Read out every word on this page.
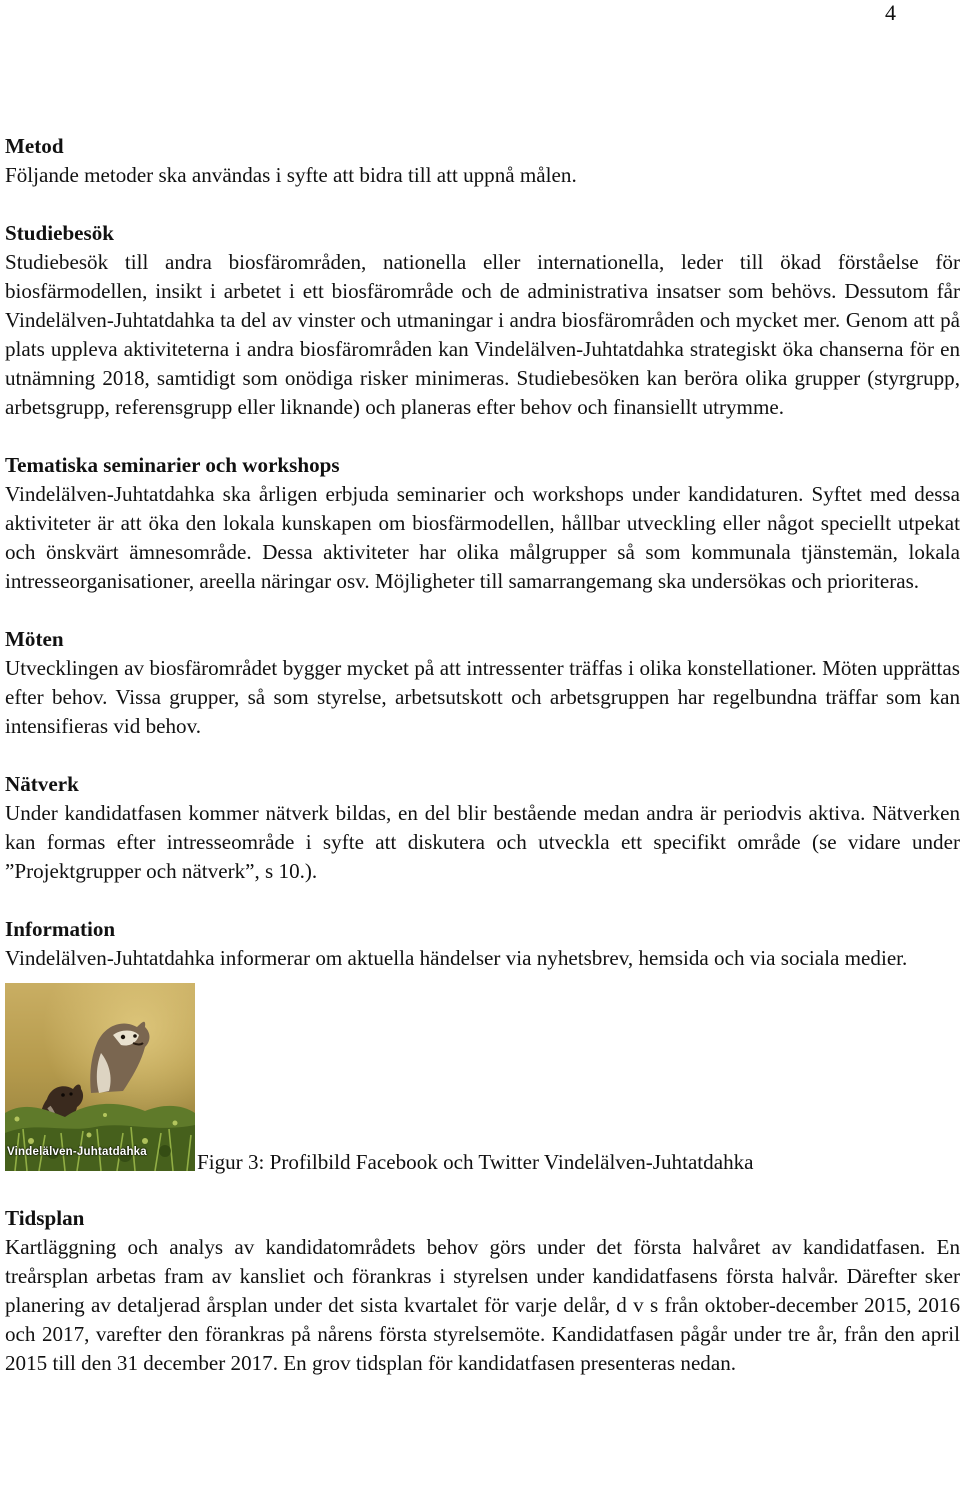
4
Metod

Följande metoder ska användas i syfte att bidra till att uppnå målen.

Studiebesök

Studiebesök till andra biosfärområden, nationella eller internationella, leder till ökad förståelse för biosfärmodellen, insikt i arbetet i ett biosfärområde och de administrativa insatser som behövs. Dessutom får Vindelälven-Juhtatdahka ta del av vinster och utmaningar i andra biosfärområden och mycket mer. Genom att på plats uppleva aktiviteterna i andra biosfärområden kan Vindelälven-Juhtatdahka strategiskt öka chanserna för en utnämning 2018, samtidigt som onödiga risker minimeras. Studiebesöken kan beröra olika grupper (styrgrupp, arbetsgrupp, referensgrupp eller liknande) och planeras efter behov och finansiellt utrymme.

Tematiska seminarier och workshops

Vindelälven-Juhtatdahka ska årligen erbjuda seminarier och workshops under kandidaturen. Syftet med dessa aktiviteter är att öka den lokala kunskapen om biosfärmodellen, hållbar utveckling eller något speciellt utpekat och önskvärt ämnesområde. Dessa aktiviteter har olika målgrupper så som kommunala tjänstemän, lokala intresseorganisationer, areella näringar osv. Möjligheter till samarrangemang ska undersökas och prioriteras.

Möten

Utvecklingen av biosfärområdet bygger mycket på att intressenter träffas i olika konstellationer. Möten upprättas efter behov. Vissa grupper, så som styrelse, arbetsutskott och arbetsgruppen har regelbundna träffar som kan intensifieras vid behov.

Nätverk

Under kandidatfasen kommer nätverk bildas, en del blir bestående medan andra är periodvis aktiva. Nätverken kan formas efter intresseområde i syfte att diskutera och utveckla ett specifikt område (se vidare under ”Projektgrupper och nätverk”, s 10.).

Information

Vindelälven-Juhtatdahka informerar om aktuella händelser via nyhetsbrev, hemsida och via sociala medier.

Vindelälven-Juhtatdahka Figur 3: Profilbild Facebook och Twitter Vindelälven-Juhtatdahka
Tidsplan

Kartläggning och analys av kandidatområdets behov görs under det första halvåret av kandidatfasen. En treårsplan arbetas fram av kansliet och förankras i styrelsen under kandidatfasens första halvår. Därefter sker planering av detaljerad årsplan under det sista kvartalet för varje delår, d v s från oktober-december 2015, 2016 och 2017, varefter den förankras på nårens första styrelsemöte. Kandidatfasen pågår under tre år, från den april 2015 till den 31 december 2017. En grov tidsplan för kandidatfasen presenteras nedan.
